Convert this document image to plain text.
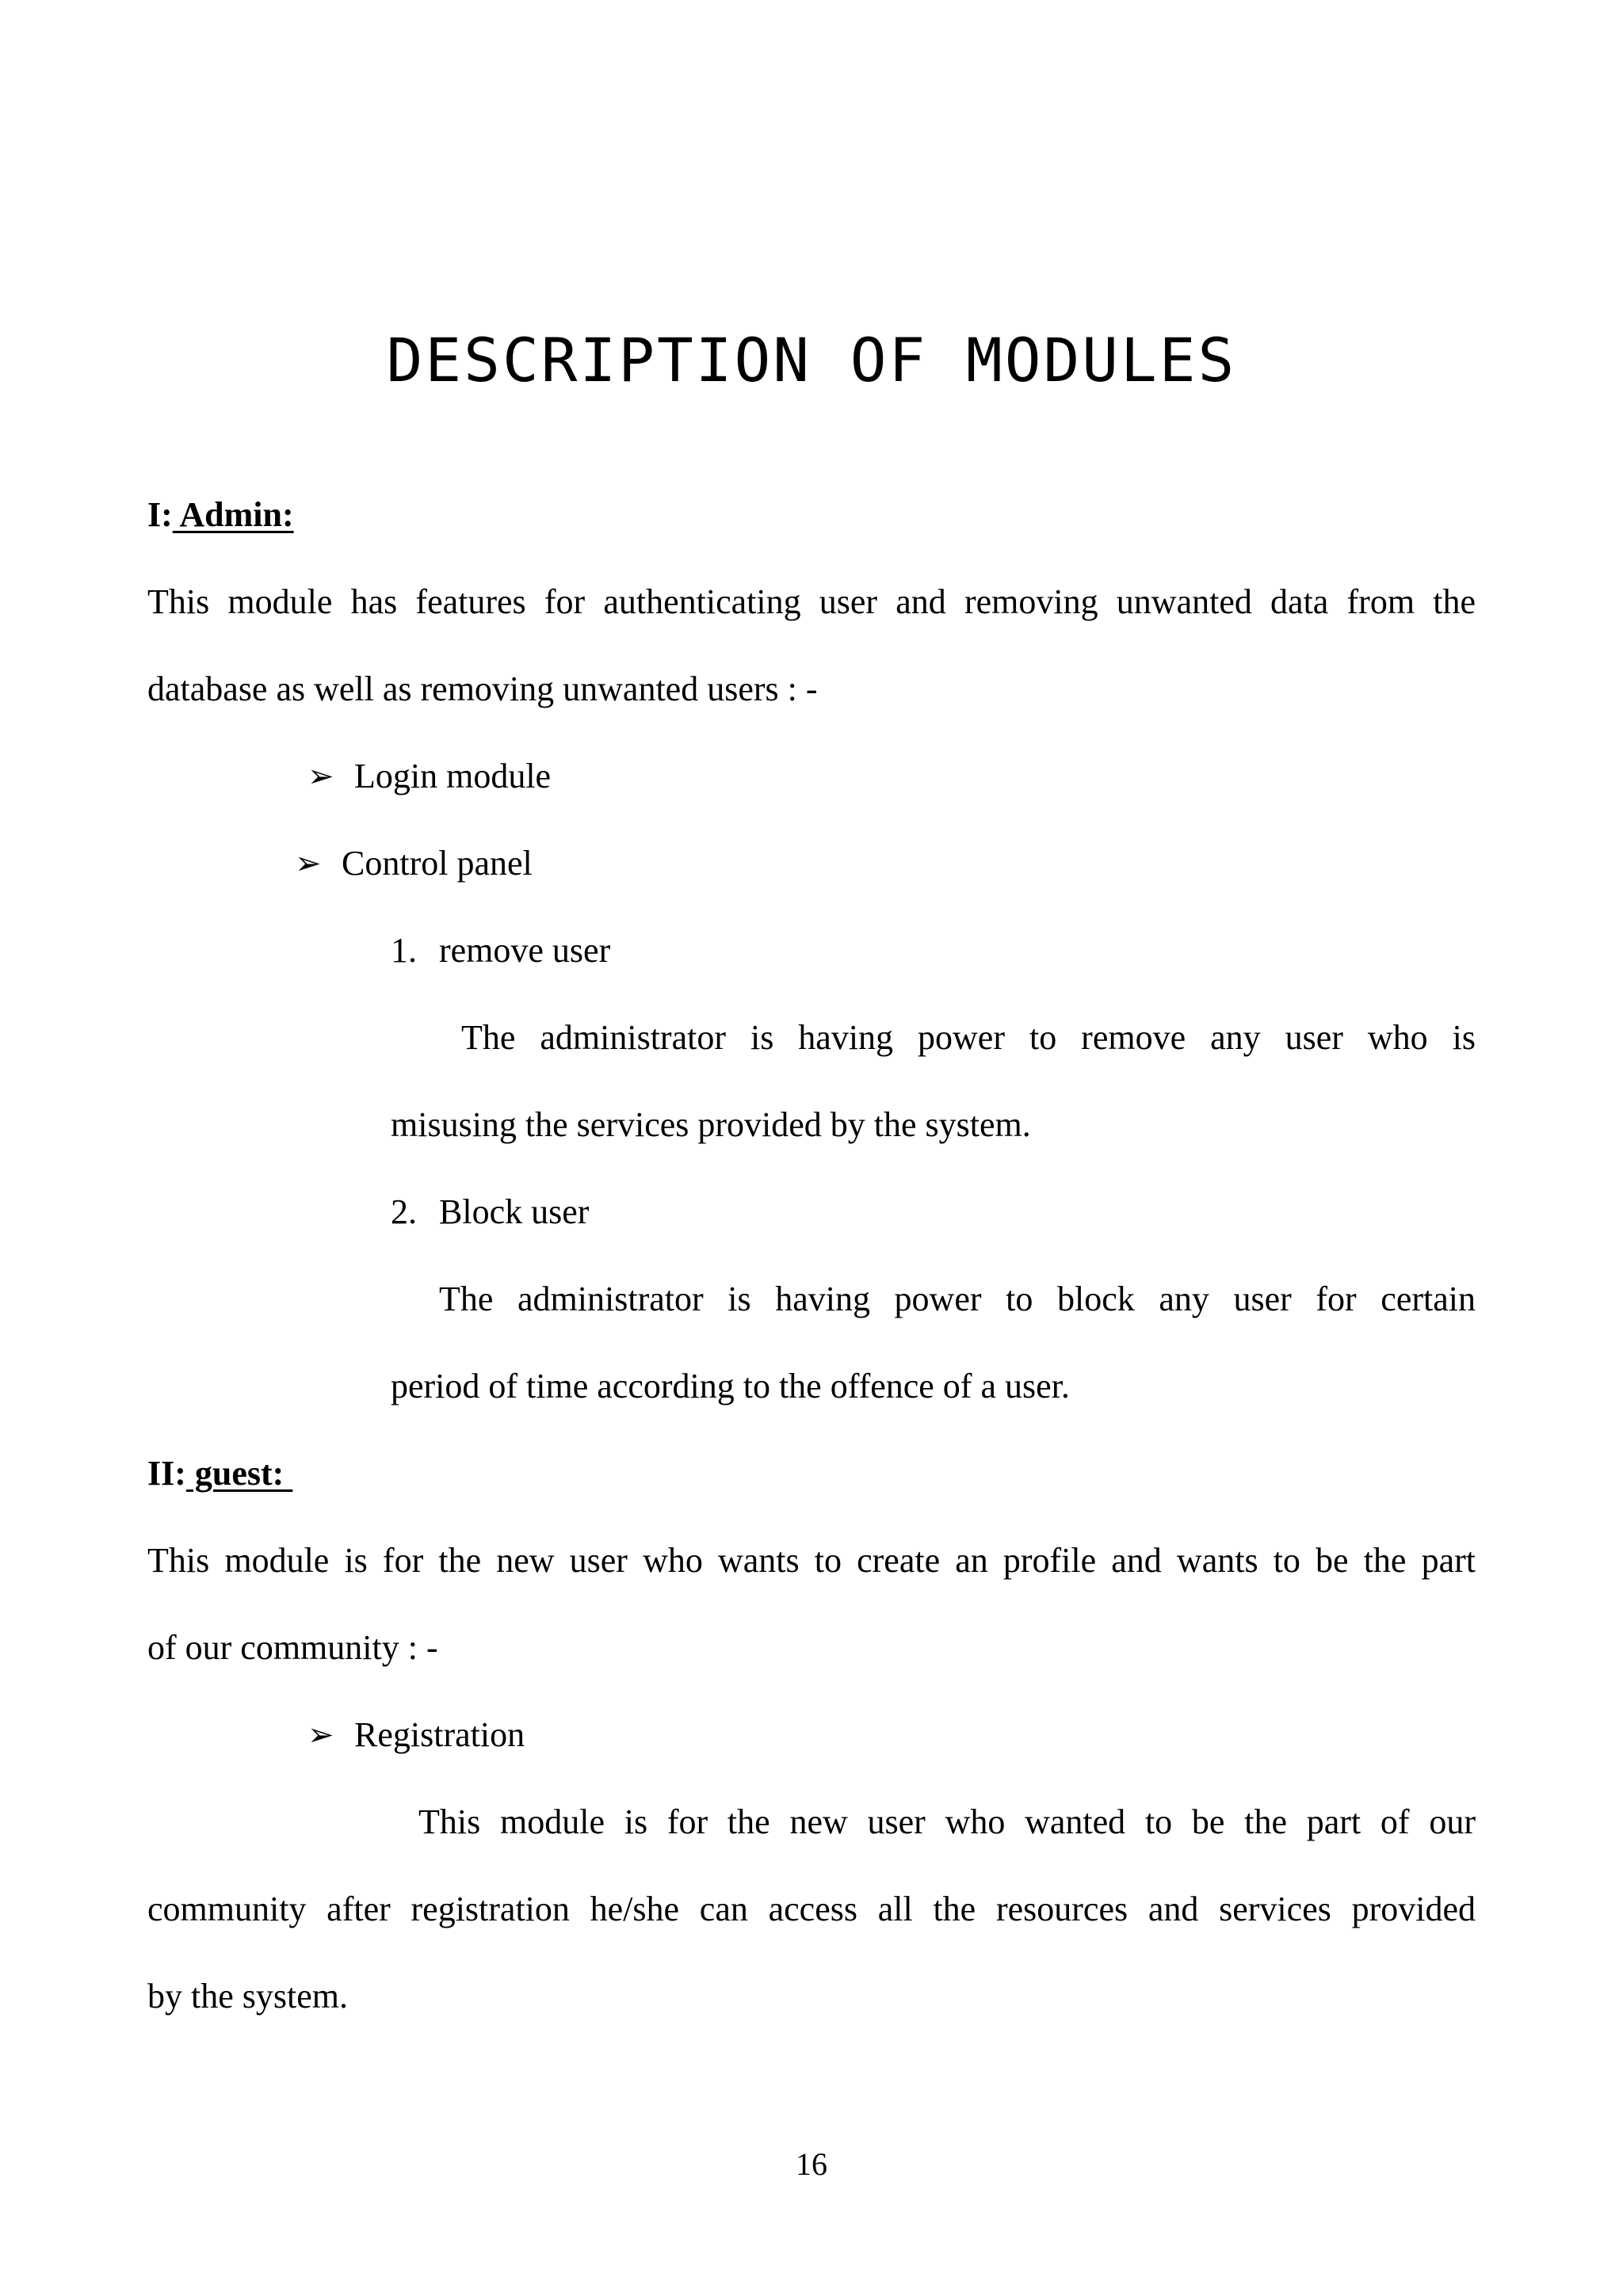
DESCRIPTION OF MODULES
I: Admin:
This module has features for authenticating user and removing unwanted data from the
database as well as removing unwanted users : -
➢ Login module
➢ Control panel
1. remove user
The administrator is having power to remove any user who is
misusing the services provided by the system.
2. Block user
The administrator is having power to block any user for certain
period of time according to the offence of a user.
II: guest:
This module is for the new user who wants to create an profile and wants to be the part
of our community : -
➢ Registration
This module is for the new user who wanted to be the part of our
community after registration he/she can access all the resources and services provided
by the system.
16
